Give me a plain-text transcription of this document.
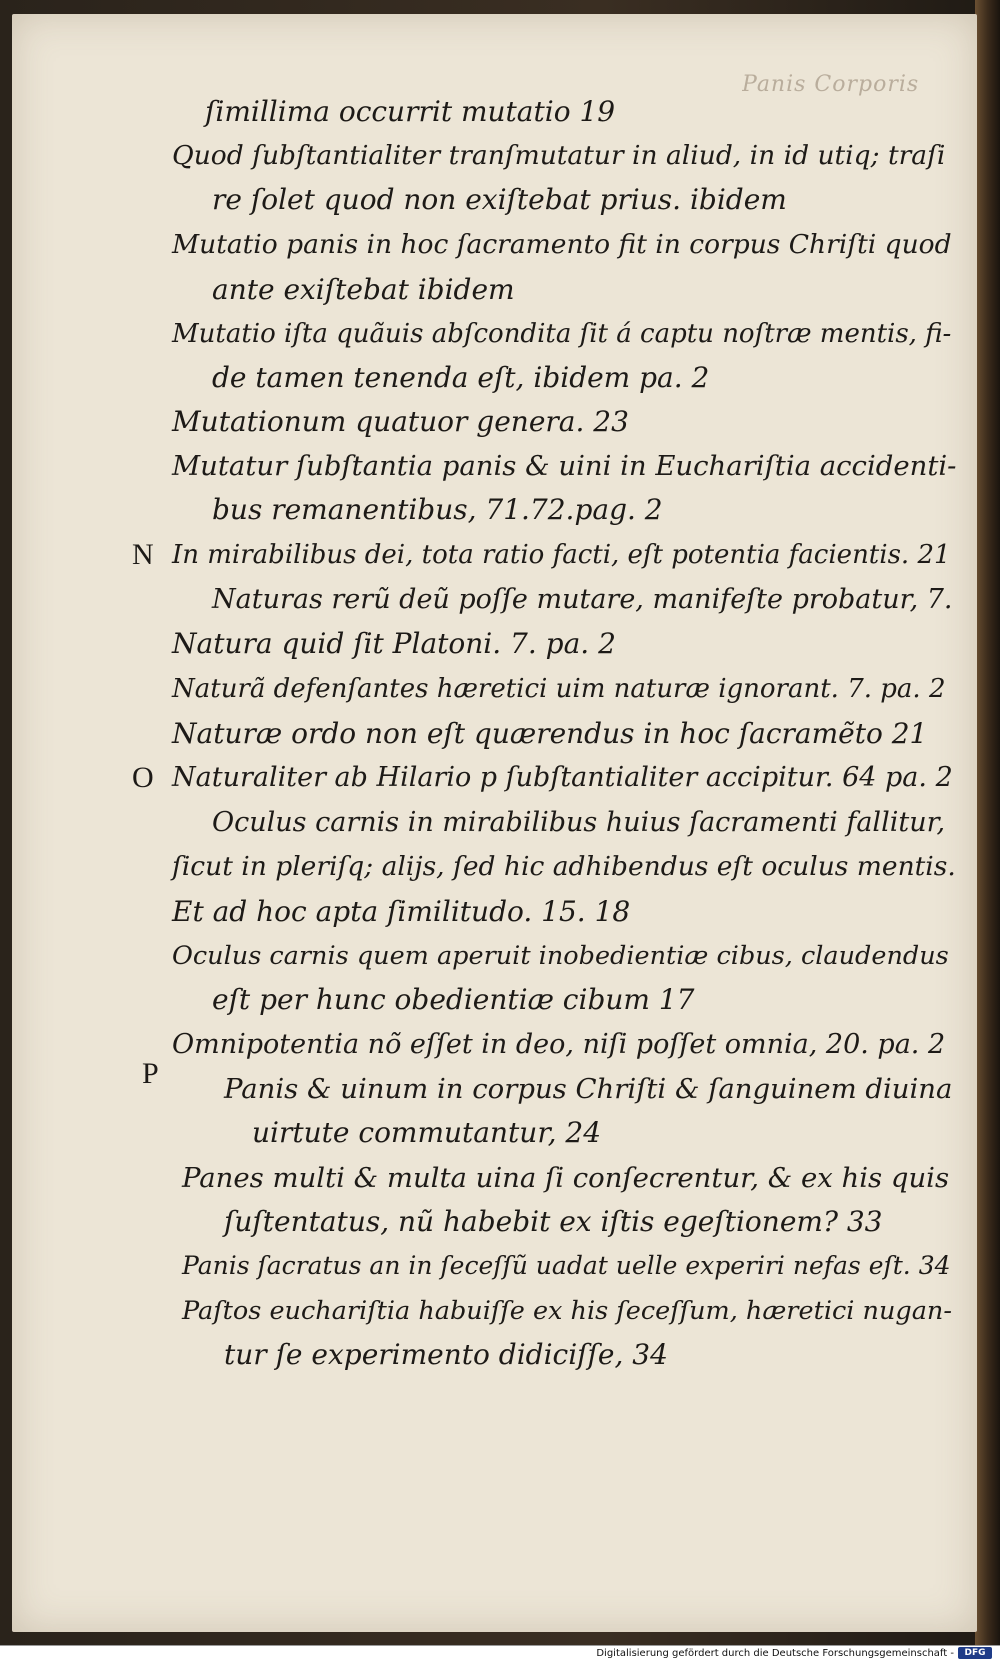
Panis Corporis
N
O
P
ſimillima occurrit mutatio 19
Quod ſubſtantialiter tranſmutatur in aliud, in id utiq; traſi
re ſolet quod non exiſtebat prius. ibidem
Mutatio panis in hoc ſacramento fit in corpus Chriſti quod
ante exiſtebat ibidem
Mutatio iſta quãuis abſcondita ſit á captu noſtræ mentis, fi-
de tamen tenenda eſt, ibidem pa. 2
Mutationum quatuor genera. 23
Mutatur ſubſtantia panis & uini in Euchariſtia accidenti-
bus remanentibus, 71.72.pag. 2
In mirabilibus dei, tota ratio facti, eſt potentia facientis. 21
Naturas rerũ deũ poſſe mutare, manifeſte probatur, 7.
Natura quid ſit Platoni. 7. pa. 2
Naturã defenſantes hæretici uim naturæ ignorant. 7. pa. 2
Naturæ ordo non eſt quærendus in hoc ſacramẽto 21
Naturaliter ab Hilario p ſubſtantialiter accipitur. 64 pa. 2
Oculus carnis in mirabilibus huius ſacramenti fallitur,
ſicut in pleriſq; alijs, ſed hic adhibendus eſt oculus mentis.
Et ad hoc apta ſimilitudo. 15. 18
Oculus carnis quem aperuit inobedientiæ cibus, claudendus
eſt per hunc obedientiæ cibum 17
Omnipotentia nõ eſſet in deo, niſi poſſet omnia, 20. pa. 2
Panis & uinum in corpus Chriſti & ſanguinem diuina
uirtute commutantur, 24
Panes multi & multa uina ſi conſecrentur, & ex his quis
ſuſtentatus, nũ habebit ex iſtis egeſtionem? 33
Panis ſacratus an in ſeceſſũ uadat uelle experiri nefas eſt. 34
Paſtos euchariſtia habuiſſe ex his ſeceſſum, hæretici nugan-
tur ſe experimento didiciſſe, 34
Digitalisierung gefördert durch die Deutsche Forschungsgemeinschaft -	DFG
